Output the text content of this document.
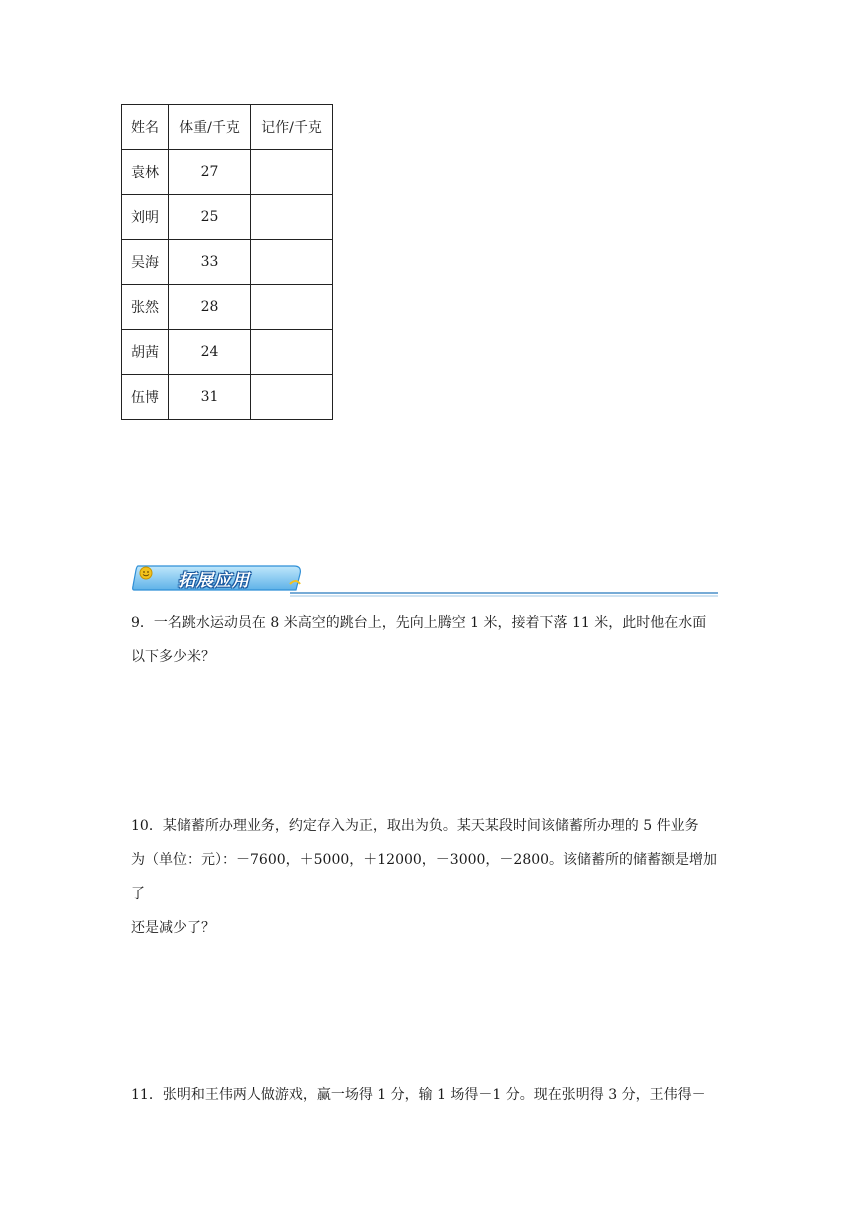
姓名	体重/千克	记作/千克
袁林	27	
刘明	25	
吴海	33	
张然	28	
胡茜	24	
伍博	31	
拓展应用
9．一名跳水运动员在 8 米高空的跳台上，先向上腾空 1 米，接着下落 11 米，此时他在水面
以下多少米？
10．某储蓄所办理业务，约定存入为正，取出为负。某天某段时间该储蓄所办理的 5 件业务
为（单位：元）：－7600，＋5000，＋12000，－3000，－2800。该储蓄所的储蓄额是增加了
还是减少了？
11．张明和王伟两人做游戏，赢一场得 1 分，输 1 场得－1 分。现在张明得 3 分，王伟得－
